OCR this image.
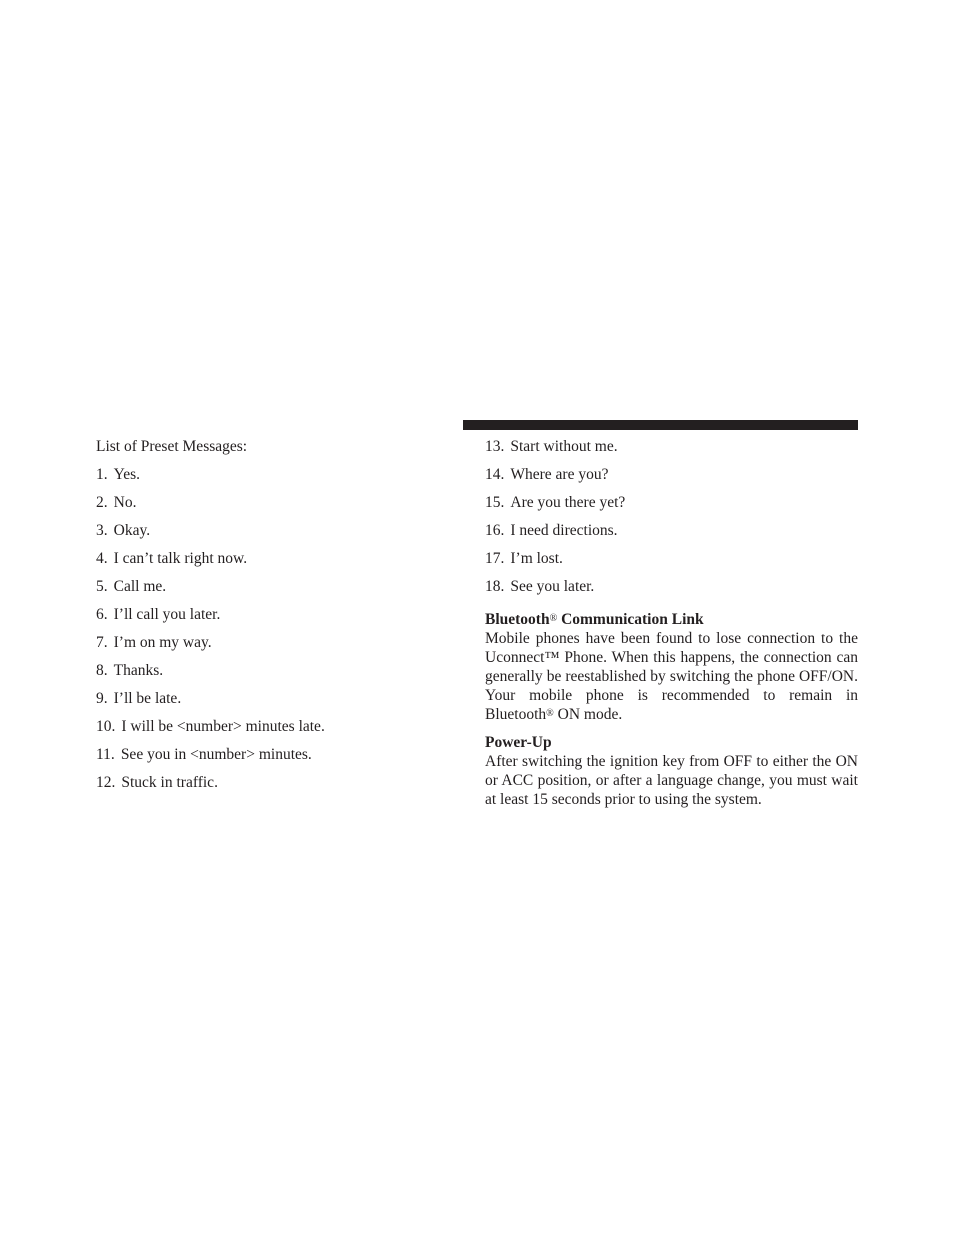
List of Preset Messages:
1. Yes.
2. No.
3. Okay.
4. I can’t talk right now.
5. Call me.
6. I’ll call you later.
7. I’m on my way.
8. Thanks.
9. I’ll be late.
10. I will be <number> minutes late.
11. See you in <number> minutes.
12. Stuck in traffic.
13. Start without me.
14. Where are you?
15. Are you there yet?
16. I need directions.
17. I’m lost.
18. See you later.
Bluetooth® Communication Link

Mobile phones have been found to lose connection to the Uconnect™ Phone. When this happens, the connection can generally be reestablished by switching the phone OFF/ON. Your mobile phone is recommended to remain in Bluetooth® ON mode.

Power-Up

After switching the ignition key from OFF to either the ON or ACC position, or after a language change, you must wait at least 15 seconds prior to using the system.
